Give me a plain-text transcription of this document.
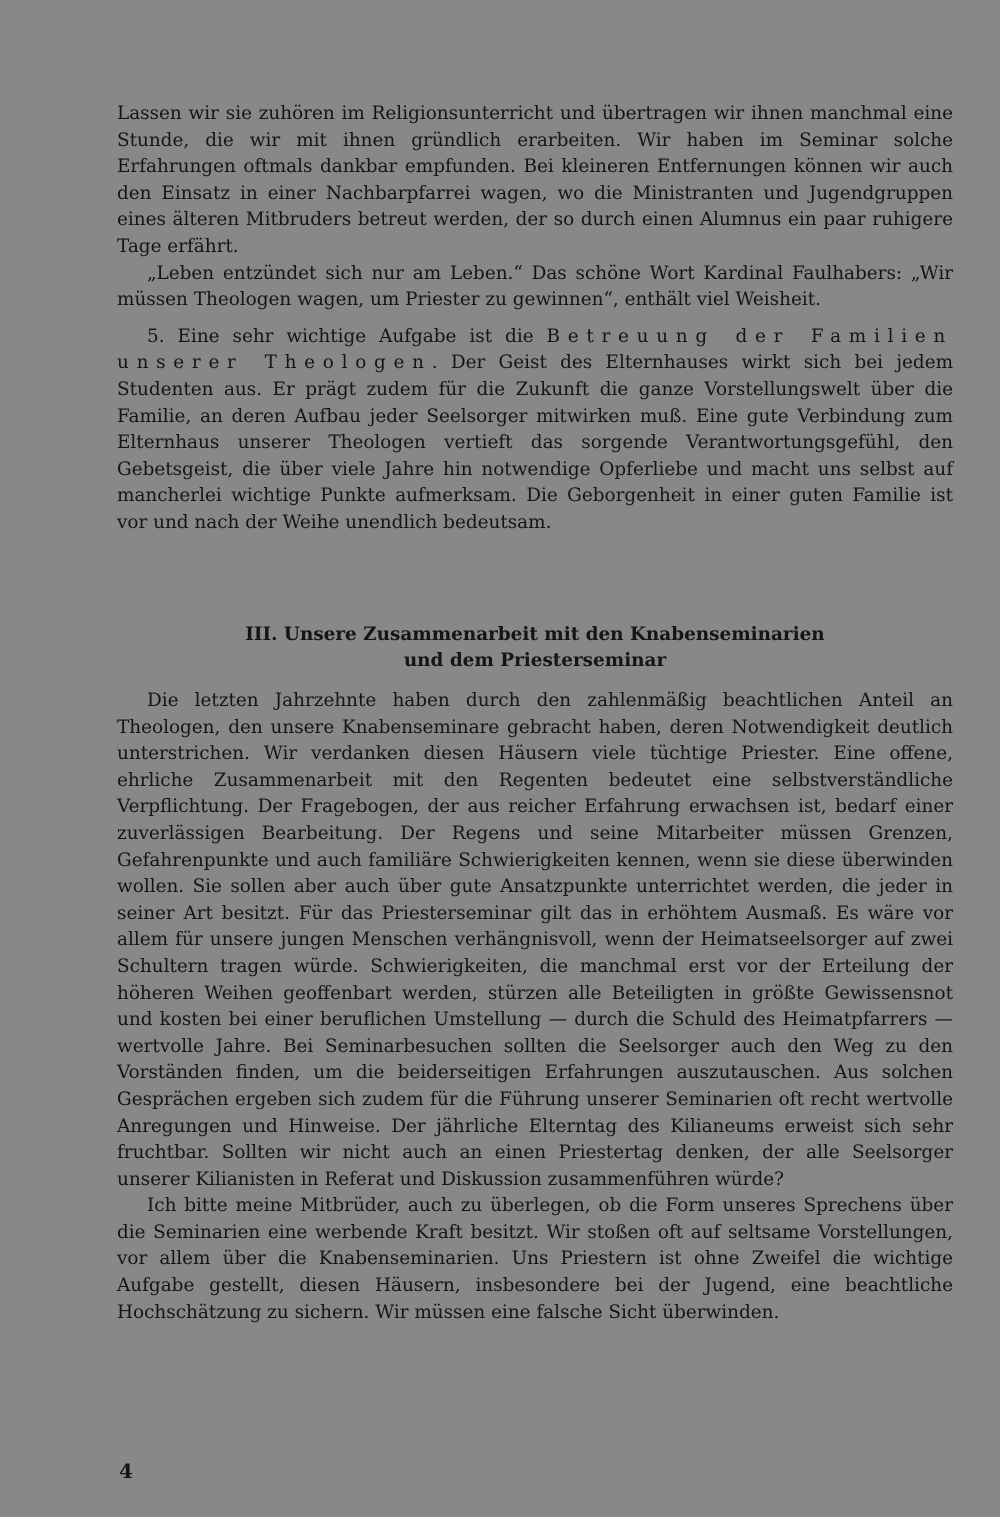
Lassen wir sie zuhören im Religionsunterricht und übertragen wir ihnen manchmal eine Stunde, die wir mit ihnen gründlich erarbeiten. Wir haben im Seminar solche Erfahrungen oftmals dankbar empfunden. Bei kleineren Entfernungen können wir auch den Einsatz in einer Nachbarpfarrei wagen, wo die Ministranten und Jugendgruppen eines älteren Mitbruders betreut werden, der so durch einen Alumnus ein paar ruhigere Tage erfährt.

„Leben entzündet sich nur am Leben.“ Das schöne Wort Kardinal Faulhabers: „Wir müssen Theologen wagen, um Priester zu gewinnen“, enthält viel Weisheit.

5. Eine sehr wichtige Aufgabe ist die Betreuung der Familien unserer Theologen. Der Geist des Elternhauses wirkt sich bei jedem Studenten aus. Er prägt zudem für die Zukunft die ganze Vorstellungswelt über die Familie, an deren Aufbau jeder Seelsorger mitwirken muß. Eine gute Verbindung zum Elternhaus unserer Theologen vertieft das sorgende Verantwortungsgefühl, den Gebetsgeist, die über viele Jahre hin notwendige Opferliebe und macht uns selbst auf mancherlei wichtige Punkte aufmerksam. Die Geborgenheit in einer guten Familie ist vor und nach der Weihe unendlich bedeutsam.

III. Unsere Zusammenarbeit mit den Knabenseminarien
und dem Priesterseminar

Die letzten Jahrzehnte haben durch den zahlenmäßig beachtlichen Anteil an Theologen, den unsere Knabenseminare gebracht haben, deren Notwendigkeit deutlich unterstrichen. Wir verdanken diesen Häusern viele tüchtige Priester. Eine offene, ehrliche Zusammenarbeit mit den Regenten bedeutet eine selbstverständliche Verpflichtung. Der Fragebogen, der aus reicher Erfahrung erwachsen ist, bedarf einer zuverlässigen Bearbeitung. Der Regens und seine Mitarbeiter müssen Grenzen, Gefahrenpunkte und auch familiäre Schwierigkeiten kennen, wenn sie diese überwinden wollen. Sie sollen aber auch über gute Ansatzpunkte unterrichtet werden, die jeder in seiner Art besitzt. Für das Priesterseminar gilt das in erhöhtem Ausmaß. Es wäre vor allem für unsere jungen Menschen verhängnisvoll, wenn der Heimatseelsorger auf zwei Schultern tragen würde. Schwierigkeiten, die manchmal erst vor der Erteilung der höheren Weihen geoffenbart werden, stürzen alle Beteiligten in größte Gewissensnot und kosten bei einer beruflichen Umstellung — durch die Schuld des Heimatpfarrers — wertvolle Jahre. Bei Seminarbesuchen sollten die Seelsorger auch den Weg zu den Vorständen finden, um die beiderseitigen Erfahrungen auszutauschen. Aus solchen Gesprächen ergeben sich zudem für die Führung unserer Seminarien oft recht wertvolle Anregungen und Hinweise. Der jährliche Elterntag des Kilianeums erweist sich sehr fruchtbar. Sollten wir nicht auch an einen Priestertag denken, der alle Seelsorger unserer Kilianisten in Referat und Diskussion zusammenführen würde?

Ich bitte meine Mitbrüder, auch zu überlegen, ob die Form unseres Sprechens über die Seminarien eine werbende Kraft besitzt. Wir stoßen oft auf seltsame Vorstellungen, vor allem über die Knabenseminarien. Uns Priestern ist ohne Zweifel die wichtige Aufgabe gestellt, diesen Häusern, insbesondere bei der Jugend, eine beachtliche Hochschätzung zu sichern. Wir müssen eine falsche Sicht überwinden.

4
